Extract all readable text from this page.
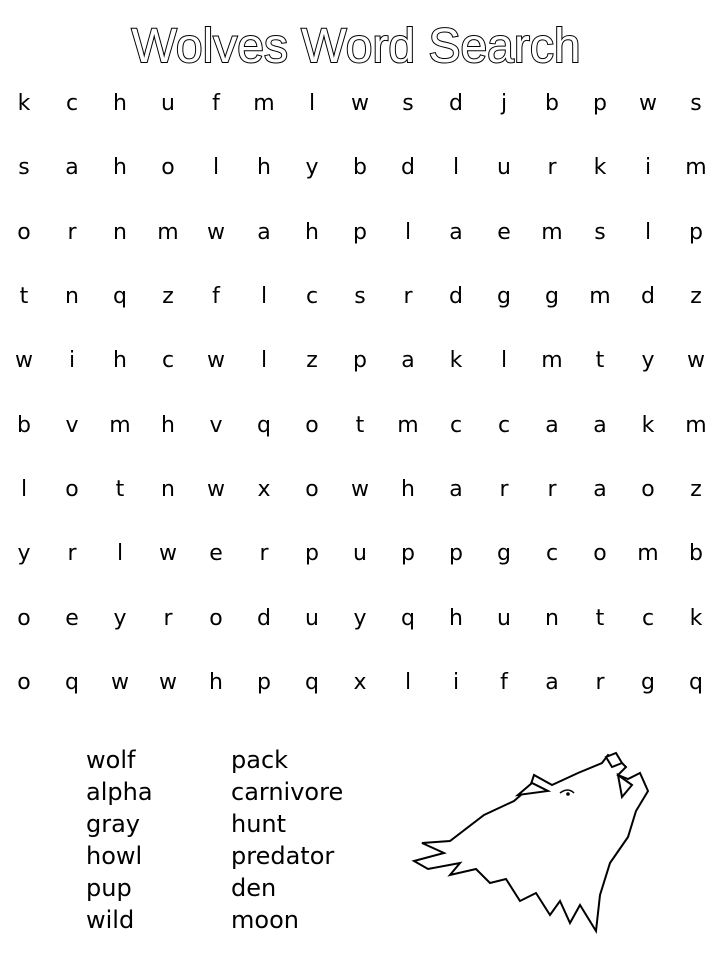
Wolves Word Search
k	c	h	u	f	m	l	w	s	d	j	b	p	w	s
s	a	h	o	l	h	y	b	d	l	u	r	k	i	m
o	r	n	m	w	a	h	p	l	a	e	m	s	l	p
t	n	q	z	f	l	c	s	r	d	g	g	m	d	z
w	i	h	c	w	l	z	p	a	k	l	m	t	y	w
b	v	m	h	v	q	o	t	m	c	c	a	a	k	m
l	o	t	n	w	x	o	w	h	a	r	r	a	o	z
y	r	l	w	e	r	p	u	p	p	g	c	o	m	b
o	e	y	r	o	d	u	y	q	h	u	n	t	c	k
o	q	w	w	h	p	q	x	l	i	f	a	r	g	q
wolf
alpha
gray
howl
pup
wild
pack
carnivore
hunt
predator
den
moon
